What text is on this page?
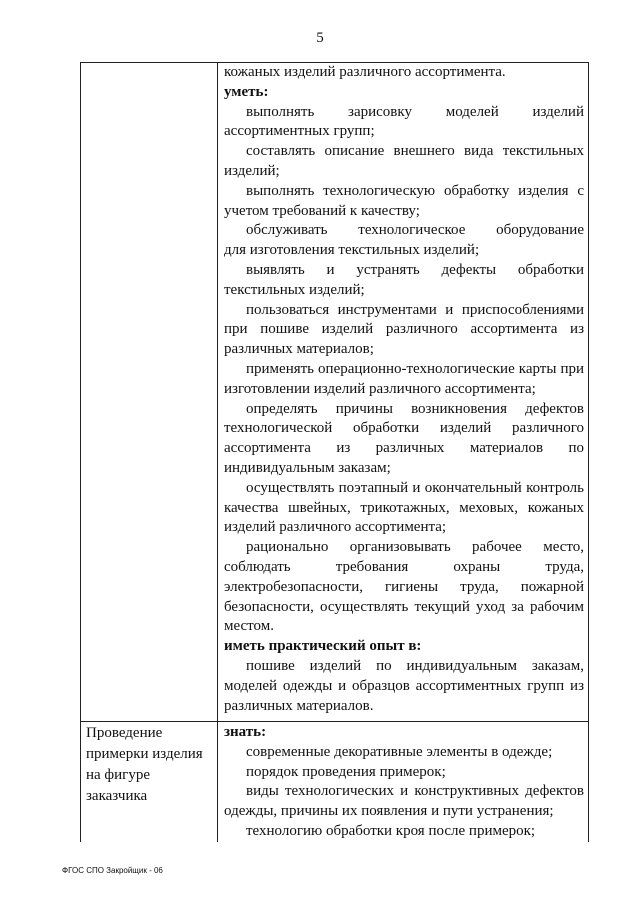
5
кожаных изделий различного ассортимента.
уметь:
выполнять зарисовку моделей изделий
ассортиментных групп;
составлять описание внешнего вида текстильных
изделий;
выполнять технологическую обработку изделия с
учетом требований к качеству;
обслуживать технологическое оборудование
для изготовления текстильных изделий;
выявлять и устранять дефекты обработки
текстильных изделий;
пользоваться инструментами и приспособлениями
при пошиве изделий различного ассортимента из
различных материалов;
применять операционно-технологические карты при
изготовлении изделий различного ассортимента;
определять причины возникновения дефектов
технологической обработки изделий различного
ассортимента из различных материалов по
индивидуальным заказам;
осуществлять поэтапный и окончательный контроль
качества швейных, трикотажных, меховых, кожаных
изделий различного ассортимента;
рационально организовывать рабочее место,
соблюдать требования охраны труда,
электробезопасности, гигиены труда, пожарной
безопасности, осуществлять текущий уход за рабочим
местом.
иметь практический опыт в:
пошиве изделий по индивидуальным заказам,
моделей одежды и образцов ассортиментных групп из
различных материалов.
Проведение
примерки изделия
на фигуре
заказчика
знать:
современные декоративные элементы в одежде;
порядок проведения примерок;
виды технологических и конструктивных дефектов
одежды, причины их появления и пути устранения;
технологию обработки кроя после примерок;
ФГОС СПО Закройщик - 06
